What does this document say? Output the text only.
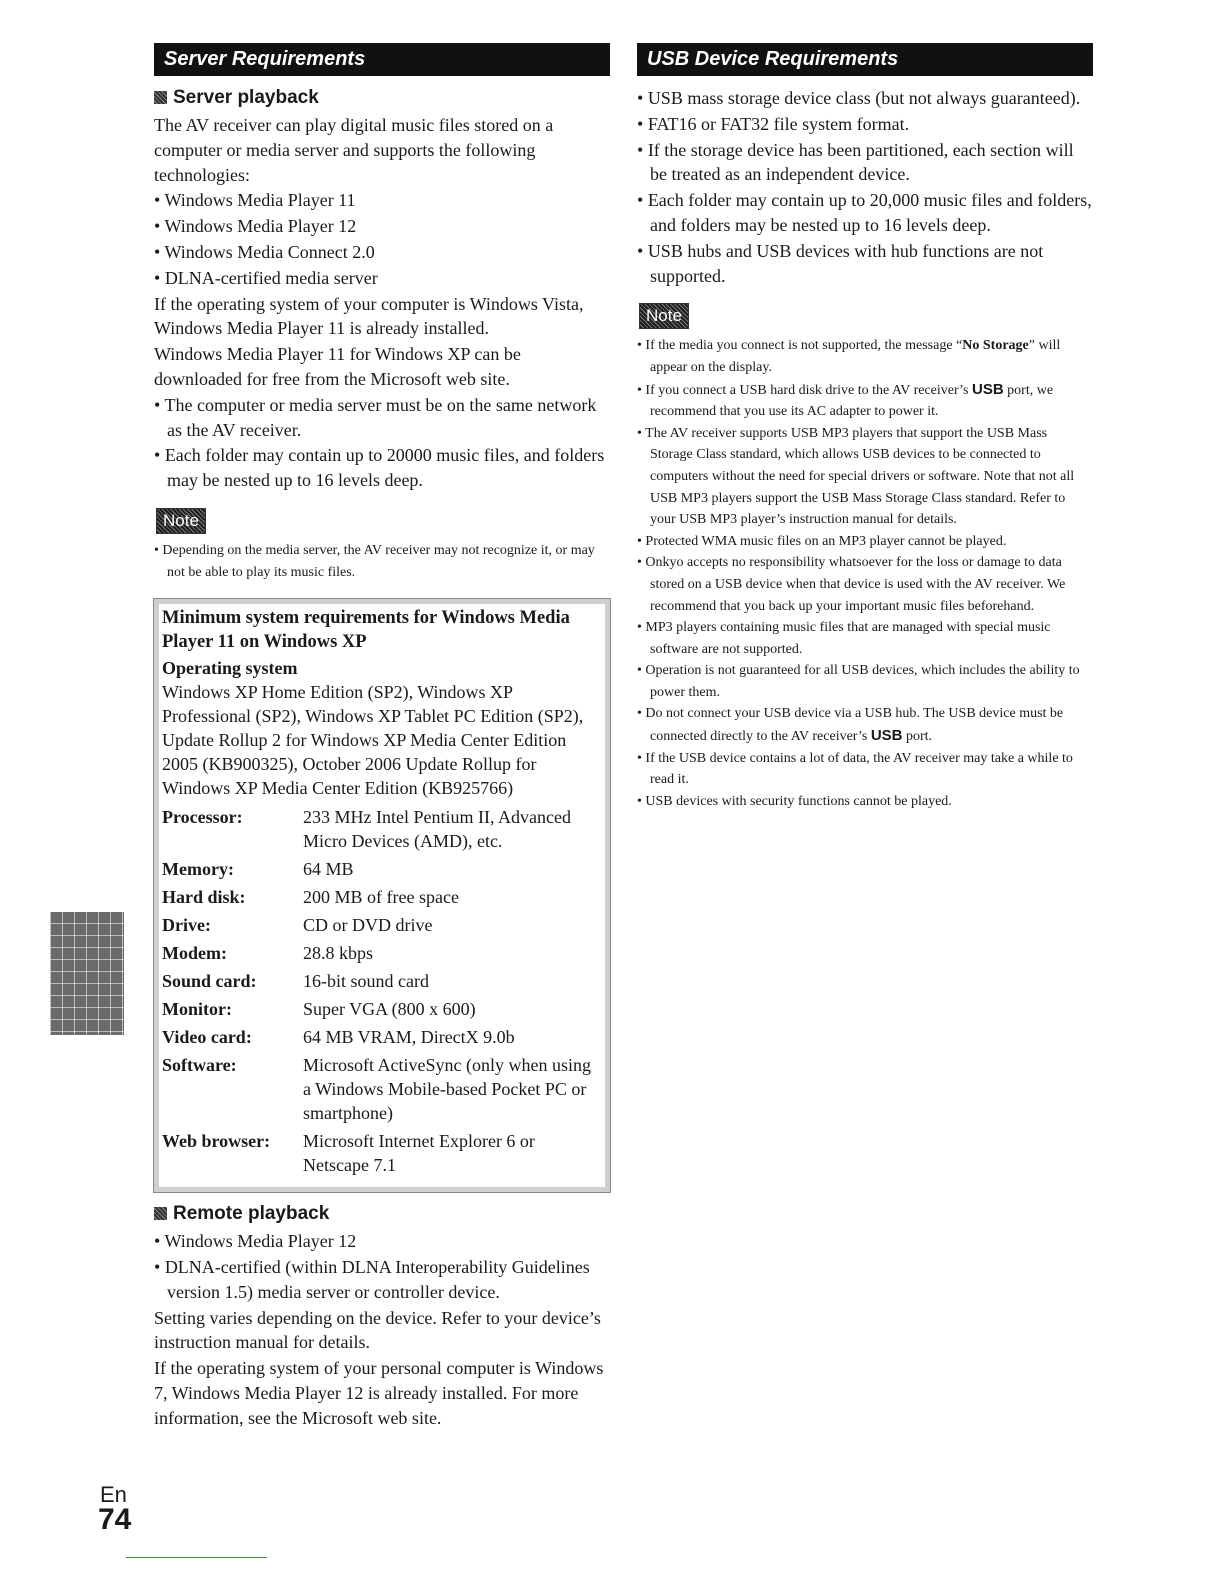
Server Requirements
Server playback
The AV receiver can play digital music files stored on a computer or media server and supports the following technologies:
• Windows Media Player 11
• Windows Media Player 12
• Windows Media Connect 2.0
• DLNA-certified media server
If the operating system of your computer is Windows Vista, Windows Media Player 11 is already installed.
Windows Media Player 11 for Windows XP can be downloaded for free from the Microsoft web site.
• The computer or media server must be on the same network as the AV receiver.
• Each folder may contain up to 20000 music files, and folders may be nested up to 16 levels deep.
Note
• Depending on the media server, the AV receiver may not recognize it, or may not be able to play its music files.
Minimum system requirements for Windows Media Player 11 on Windows XP
Operating system
Windows XP Home Edition (SP2), Windows XP Professional (SP2), Windows XP Tablet PC Edition (SP2), Update Rollup 2 for Windows XP Media Center Edition 2005 (KB900325), October 2006 Update Rollup for Windows XP Media Center Edition (KB925766)
Processor:	233 MHz Intel Pentium II, Advanced Micro Devices (AMD), etc.
Memory:	64 MB
Hard disk:	200 MB of free space
Drive:	CD or DVD drive
Modem:	28.8 kbps
Sound card:	16-bit sound card
Monitor:	Super VGA (800 x 600)
Video card:	64 MB VRAM, DirectX 9.0b
Software:	Microsoft ActiveSync (only when using a Windows Mobile-based Pocket PC or smartphone)
Web browser:	Microsoft Internet Explorer 6 or Netscape 7.1
Remote playback
• Windows Media Player 12
• DLNA-certified (within DLNA Interoperability Guidelines version 1.5) media server or controller device.
Setting varies depending on the device. Refer to your device’s instruction manual for details.
If the operating system of your personal computer is Windows 7, Windows Media Player 12 is already installed. For more information, see the Microsoft web site.
USB Device Requirements
• USB mass storage device class (but not always guaranteed).
• FAT16 or FAT32 file system format.
• If the storage device has been partitioned, each section will be treated as an independent device.
• Each folder may contain up to 20,000 music files and folders, and folders may be nested up to 16 levels deep.
• USB hubs and USB devices with hub functions are not supported.
Note
• If the media you connect is not supported, the message “No Storage” will appear on the display.
• If you connect a USB hard disk drive to the AV receiver’s USB port, we recommend that you use its AC adapter to power it.
• The AV receiver supports USB MP3 players that support the USB Mass Storage Class standard, which allows USB devices to be connected to computers without the need for special drivers or software. Note that not all USB MP3 players support the USB Mass Storage Class standard. Refer to your USB MP3 player’s instruction manual for details.
• Protected WMA music files on an MP3 player cannot be played.
• Onkyo accepts no responsibility whatsoever for the loss or damage to data stored on a USB device when that device is used with the AV receiver. We recommend that you back up your important music files beforehand.
• MP3 players containing music files that are managed with special music software are not supported.
• Operation is not guaranteed for all USB devices, which includes the ability to power them.
• Do not connect your USB device via a USB hub. The USB device must be connected directly to the AV receiver’s USB port.
• If the USB device contains a lot of data, the AV receiver may take a while to read it.
• USB devices with security functions cannot be played.
En
74
